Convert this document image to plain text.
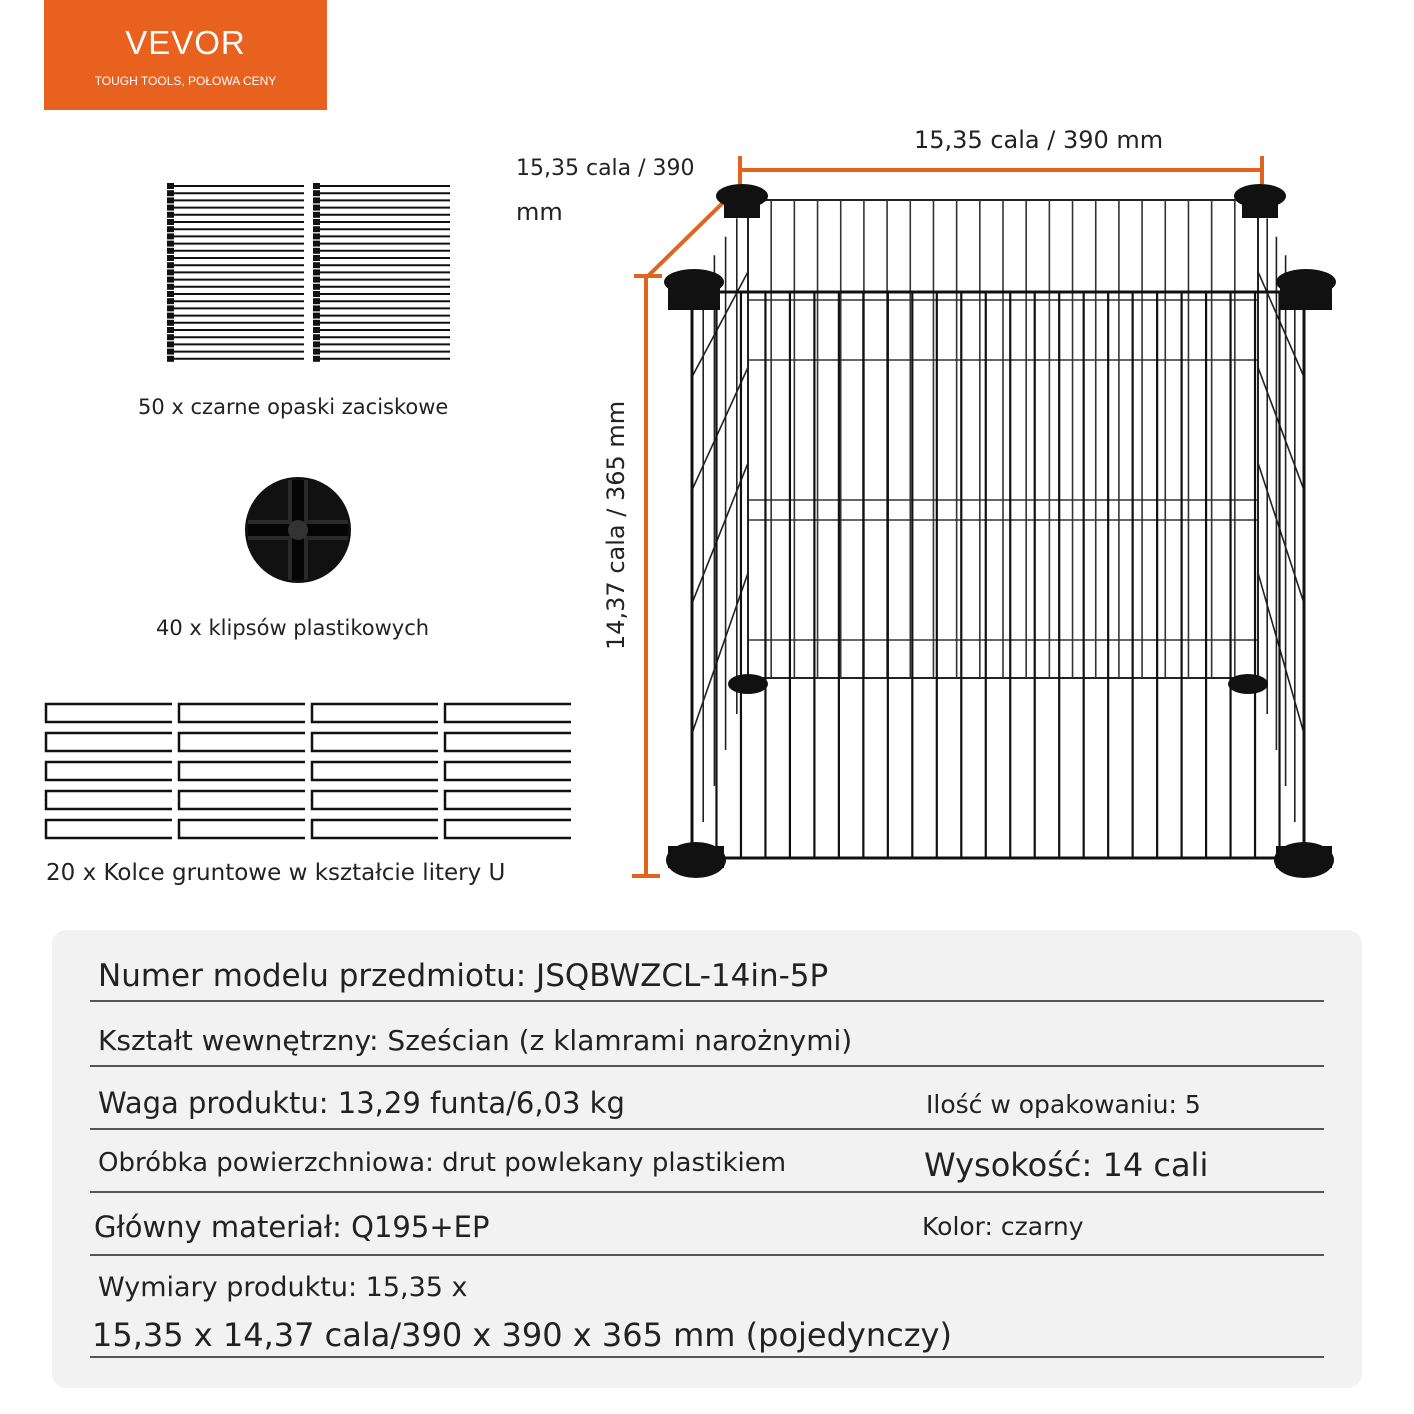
VEVOR
TOUGH TOOLS, POŁOWA CENY
50 x czarne opaski zaciskowe
40 x klipsów plastikowych
20 x Kolce gruntowe w kształcie litery U
15,35 cala / 390 mm
15,35 cala / 390
mm
14,37 cala / 365 mm
Numer modelu przedmiotu: JSQBWZCL-14in-5P
Kształt wewnętrzny: Sześcian (z klamrami narożnymi)
Waga produktu: 13,29 funta/6,03 kg	Ilość w opakowaniu: 5
Obróbka powierzchniowa: drut powlekany plastikiem	Wysokość: 14 cali
Główny materiał: Q195+EP	Kolor: czarny
Wymiary produktu: 15,35 x
15,35 x 14,37 cala/390 x 390 x 365 mm (pojedynczy)
